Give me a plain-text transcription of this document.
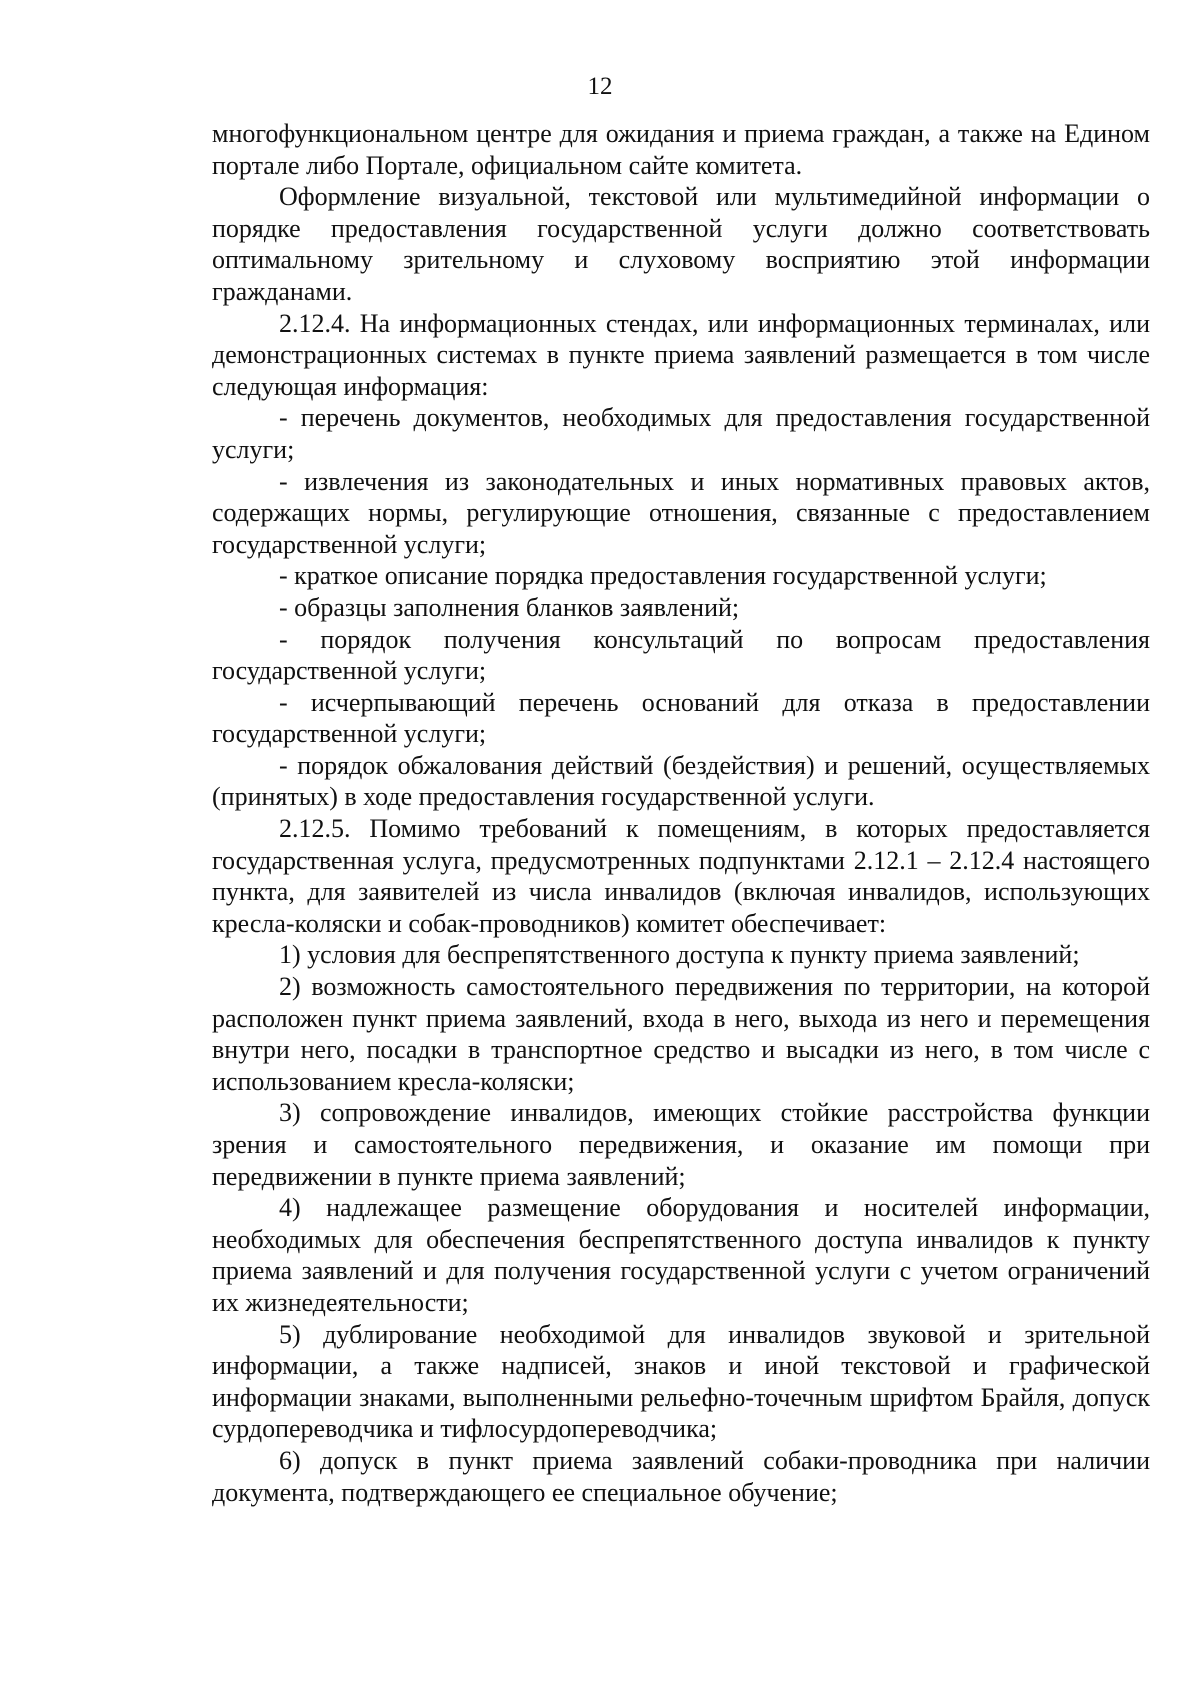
12

многофункциональном центре для ожидания и приема граждан, а также на Едином портале либо Портале, официальном сайте комитета.

Оформление визуальной, текстовой или мультимедийной информации о порядке предоставления государственной услуги должно соответствовать оптимальному зрительному и слуховому восприятию этой информации гражданами.

2.12.4. На информационных стендах, или информационных терминалах, или демонстрационных системах в пункте приема заявлений размещается в том числе следующая информация:

- перечень документов, необходимых для предоставления государственной услуги;

- извлечения из законодательных и иных нормативных правовых актов, содержащих нормы, регулирующие отношения, связанные с предоставлением государственной услуги;

- краткое описание порядка предоставления государственной услуги;

- образцы заполнения бланков заявлений;

- порядок получения консультаций по вопросам предоставления государственной услуги;

- исчерпывающий перечень оснований для отказа в предоставлении государственной услуги;

- порядок обжалования действий (бездействия) и решений, осуществляемых (принятых) в ходе предоставления государственной услуги.

2.12.5. Помимо требований к помещениям, в которых предоставляется государственная услуга, предусмотренных подпунктами 2.12.1 – 2.12.4 настоящего пункта, для заявителей из числа инвалидов (включая инвалидов, использующих кресла-коляски и собак-проводников) комитет обеспечивает:

1) условия для беспрепятственного доступа к пункту приема заявлений;

2) возможность самостоятельного передвижения по территории, на которой расположен пункт приема заявлений, входа в него, выхода из него и перемещения внутри него, посадки в транспортное средство и высадки из него, в том числе с использованием кресла-коляски;

3) сопровождение инвалидов, имеющих стойкие расстройства функции зрения и самостоятельного передвижения, и оказание им помощи при передвижении в пункте приема заявлений;

4) надлежащее размещение оборудования и носителей информации, необходимых для обеспечения беспрепятственного доступа инвалидов к пункту приема заявлений и для получения государственной услуги с учетом ограничений их жизнедеятельности;

5) дублирование необходимой для инвалидов звуковой и зрительной информации, а также надписей, знаков и иной текстовой и графической информации знаками, выполненными рельефно-точечным шрифтом Брайля, допуск сурдопереводчика и тифлосурдопереводчика;

6) допуск в пункт приема заявлений собаки-проводника при наличии документа, подтверждающего ее специальное обучение;
